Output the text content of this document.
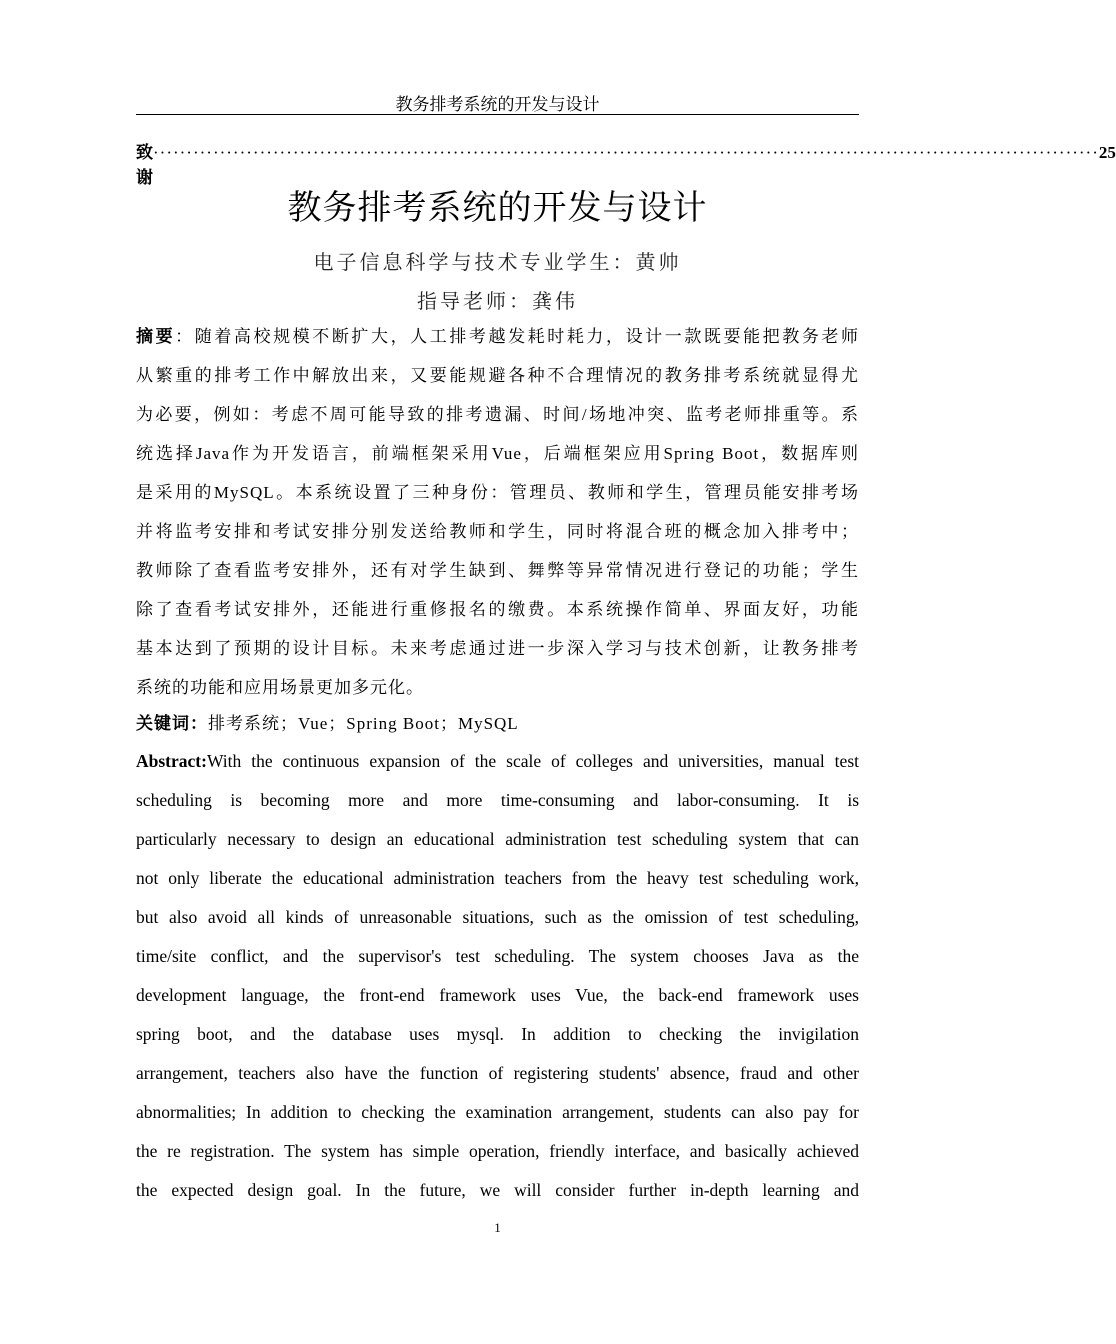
教务排考系统的开发与设计
致谢
·············································································································································· 25
教务排考系统的开发与设计
电子信息科学与技术专业学生：黄帅
指导老师：龚伟
摘要：随着高校规模不断扩大，人工排考越发耗时耗力，设计一款既要能把教务老师
从繁重的排考工作中解放出来，又要能规避各种不合理情况的教务排考系统就显得尤
为必要，例如：考虑不周可能导致的排考遗漏、时间/场地冲突、监考老师排重等。系
统选择Java作为开发语言，前端框架采用Vue，后端框架应用Spring Boot，数据库则
是采用的MySQL。本系统设置了三种身份：管理员、教师和学生，管理员能安排考场
并将监考安排和考试安排分别发送给教师和学生，同时将混合班的概念加入排考中；
教师除了查看监考安排外，还有对学生缺到、舞弊等异常情况进行登记的功能；学生
除了查看考试安排外，还能进行重修报名的缴费。本系统操作简单、界面友好，功能
基本达到了预期的设计目标。未来考虑通过进一步深入学习与技术创新，让教务排考
系统的功能和应用场景更加多元化。
关键词：排考系统；Vue；Spring Boot；MySQL
Abstract:With the continuous expansion of the scale of colleges and universities, manual test
scheduling is becoming more and more time-consuming and labor-consuming. It is
particularly necessary to design an educational administration test scheduling system that can
not only liberate the educational administration teachers from the heavy test scheduling work,
but also avoid all kinds of unreasonable situations, such as the omission of test scheduling,
time/site conflict, and the supervisor's test scheduling. The system chooses Java as the
development language, the front-end framework uses Vue, the back-end framework uses
spring boot, and the database uses mysql. In addition to checking the invigilation
arrangement, teachers also have the function of registering students' absence, fraud and other
abnormalities; In addition to checking the examination arrangement, students can also pay for
the re registration. The system has simple operation, friendly interface, and basically achieved
the expected design goal. In the future, we will consider further in-depth learning and
1
